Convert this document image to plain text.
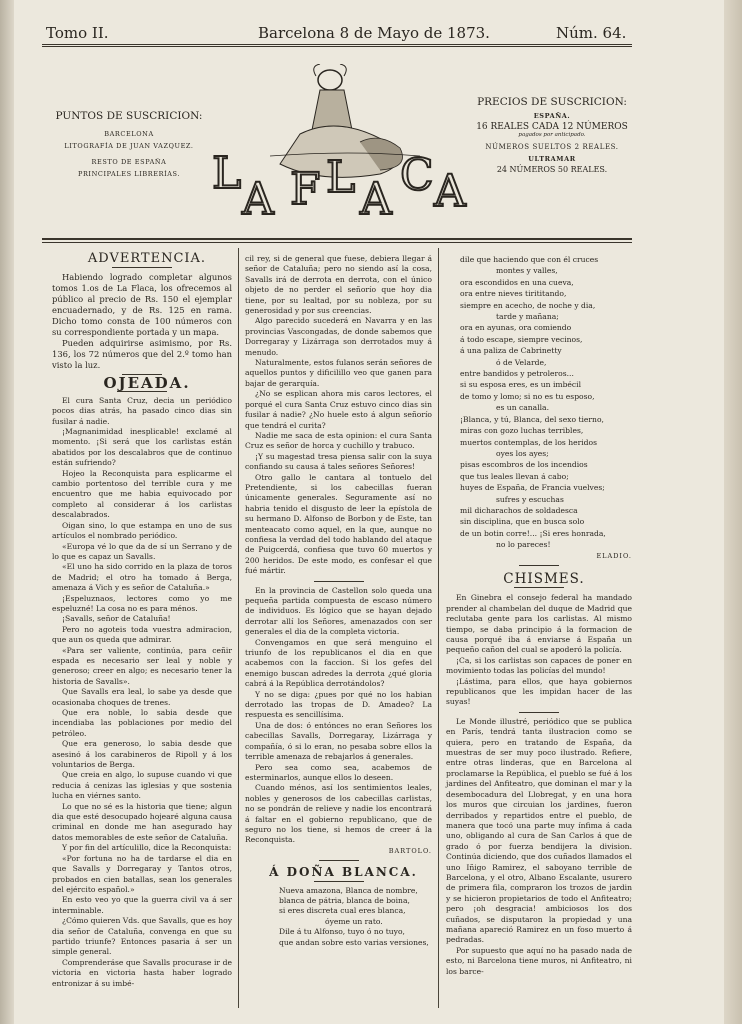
Tomo II.	Barcelona 8 de Mayo de 1873.	Núm. 64.
PUNTOS DE SUSCRICION:
BARCELONA
LITOGRAFÍA DE JUAN VAZQUEZ.
RESTO DE ESPAÑA
PRINCIPALES LIBRERÍAS. L
A F L A C A
PRECIOS DE SUSCRICION:
ESPAÑA.
16 REALES CADA 12 NÚMEROS
pagados por anticipado.
NÚMEROS SUELTOS 2 REALES.
ULTRAMAR
24 NÚMEROS 50 REALES.

ADVERTENCIA.

Habiendo logrado completar algunos tomos 1.os de La Flaca, los ofrecemos al público al precio de Rs. 150 el ejemplar encuadernado, y de Rs. 125 en rama. Dicho tomo consta de 100 números con su correspondiente portada y un mapa.

Pueden adquirirse asimismo, por Rs. 136, los 72 números que del 2.º tomo han visto la luz.

OJEADA.

El cura Santa Cruz, decia un periódico pocos dias atrás, ha pasado cinco dias sin fusilar á nadie.

¡Magnanimidad inesplicable! exclamé al momento. ¡Si será que los carlistas están abatidos por los descalabros que de continuo están sufriendo?

Hojeo la Reconquista para esplicarme el cambio portentoso del terrible cura y me encuentro que me habia equivocado por completo al considerar á los carlistas descalabrados.

Oigan sino, lo que estampa en uno de sus artículos el nombrado periódico.

«Europa vé lo que da de sí un Serrano y de lo que es capaz un Savalls.

«El uno ha sido corrido en la plaza de toros de Madrid; el otro ha tomado á Berga, amenaza á Vich y es señor de Cataluña.»

¡Espeluznaos, lectores como yo me espeluzné! La cosa no es para ménos.

¡Savalls, señor de Cataluña!

Pero no agoteis toda vuestra admiracion, que aun os queda que admirar.

«Para ser valiente, continúa, para ceñir espada es necesario ser leal y noble y generoso; creer en algo; es necesario tener la historia de Savalls».

Que Savalls era leal, lo sabe ya desde que ocasionaba choques de trenes.

Que era noble, lo sabia desde que incendiaba las poblaciones por medio del petróleo.

Que era generoso, lo sabia desde que asesinó á los carabineros de Ripoll y á los voluntarios de Berga.

Que creia en algo, lo supuse cuando vi que reducia á cenizas las iglesias y que sostenia lucha en viérnes santo.

Lo que no sé es la historia que tiene; algun dia que esté desocupado hojearé alguna causa criminal en donde me han asegurado hay datos memorables de este señor de Cataluña.

Y por fin del artículillo, dice la Reconquista:

«Por fortuna no ha de tardarse el dia en que Savalls y Dorregaray y Tantos otros, probados en cien batallas, sean los generales del ejército español.»

En esto veo yo que la guerra civil va á ser interminable.

¿Cómo quieren Vds. que Savalls, que es hoy dia señor de Cataluña, convenga en que su partido triunfe? Entonces pasaria á ser un simple general.

Comprenderáse que Savalls procurase ir de victoria en victoria hasta haber logrado entronizar á su imbé-

cil rey, si de general que fuese, debiera llegar á señor de Cataluña; pero no siendo así la cosa, Savalls irá de derrota en derrota, con el único objeto de no perder el señorío que hoy dia tiene, por su lealtad, por su nobleza, por su generosidad y por sus creencias.

Algo parecido sucederá en Navarra y en las provincias Vascongadas, de donde sabemos que Dorregaray y Lizárraga son derrotados muy á menudo.

Naturalmente, estos fulanos serán señores de aquellos puntos y dificilillo veo que ganen para bajar de gerarquía.

¿No se esplican ahora mis caros lectores, el porqué el cura Santa Cruz estuvo cinco dias sin fusilar á nadie? ¿No huele esto á algun señorío que tendrá el curita?

Nadie me saca de esta opinion: el cura Santa Cruz es señor de horca y cuchillo y trabuco.

¡Y su magestad tresa piensa salir con la suya confiando su causa á tales señores Señores!

Otro gallo le cantara al tontuelo del Pretendiente, si los cabecillas fueran únicamente generales. Seguramente así no habria tenido el disgusto de leer la epístola de su hermano D. Alfonso de Borbon y de Este, tan menteacato como aquel, en la que, aunque no confiesa la verdad del todo hablando del ataque de Puigcerdá, confiesa que tuvo 60 muertos y 200 heridos. De este modo, es confesar el que fué mártir.

En la provincia de Castellon solo queda una pequeña partida compuesta de escaso número de individuos. Es lógico que se hayan dejado derrotar allí los Señores, amenazados con ser generales el dia de la completa victoria.

Convengamos en que será menguino el triunfo de los republicanos el dia en que acabemos con la faccion. Si los gefes del enemigo buscan adredes la derrota ¿qué gloria cabrá á la República derrotándolos?

Y no se diga: ¿pues por qué no los habian derrotado las tropas de D. Amadeo? La respuesta es sencillísima.

Una de dos: ó entónces no eran Señores los cabecillas Savalls, Dorregaray, Lizárraga y compañía, ó si lo eran, no pesaba sobre ellos la terrible amenaza de rebajarlos á generales.

Pero sea como sea, acabemos de esterminarlos, aunque ellos lo deseen.

Cuando ménos, así los sentimientos leales, nobles y generosos de los cabecillas carlistas, no se pondrán de relieve y nadie los encontrará á faltar en el gobierno republicano, que de seguro no los tiene, si hemos de creer á la Reconquista.

BARTOLO.

Á DOÑA BLANCA.

Nueva amazona, Blanca de nombre,

blanca de pátria, blanca de boina,

si eres discreta cual eres blanca,

óyeme un rato.

Dile á tu Alfonso, tuyo ó no tuyo,

que andan sobre esto varias versiones,

dile que haciendo que con él cruces

montes y valles,

ora escondidos en una cueva,

ora entre nieves tirititando,

siempre en acecho, de noche y dia,

tarde y mañana;

ora en ayunas, ora comiendo

á todo escape, siempre vecinos,

á una paliza de Cabrinetty

ó de Velarde,

entre bandidos y petroleros...

si su esposa eres, es un imbécil

de tomo y lomo; si no es tu esposo,

es un canalla.

¡Blanca, y tú, Blanca, del sexo tierno,

miras con gozo luchas terribles,

muertos contemplas, de los heridos

oyes los ayes;

pisas escombros de los incendios

que tus leales llevan á cabo;

huyes de España, de Francia vuelves;

sufres y escuchas

mil dicharachos de soldadesca

sin disciplina, que en busca solo

de un botin corre!... ¡Si eres honrada,

no lo pareces!

ELADIO.

CHISMES.

En Ginebra el consejo federal ha mandado prender al chambelan del duque de Madrid que reclutaba gente para los carlistas. Al mismo tiempo, se daba principio á la formacion de causa porqué iba á enviarse á España un pequeño cañon del cual se apoderó la policía.

¡Ca, si los carlistas son capaces de poner en movimiento todas las policías del mundo!

¡Lástima, para ellos, que haya gobiernos republicanos que les impidan hacer de las suyas!

Le Monde illustré, periódico que se publica en París, tendrá tanta ilustracion como se quiera, pero en tratando de España, da muestras de ser muy poco ilustrado. Refiere, entre otras linderas, que en Barcelona al proclamarse la República, el pueblo se fué á los jardines del Anfiteatro, que dominan el mar y la desembocadura del Llobregat, y en una hora los muros que circuian los jardines, fueron derribados y repartidos entre el pueblo, de manera que tocó una parte muy ínfima á cada uno, obligando al cura de San Carlos á que de grado ó por fuerza bendijera la division. Continúa diciendo, que dos cuñados llamados el uno Iñigo Ramirez, el saboyano terrible de Barcelona, y el otro, Albano Escalante, usurero de primera fila, compraron los trozos de jardin y se hicieron propietarios de todo el Anfiteatro; pero ¡oh desgracia! ambiciosos los dos cuñados, se disputaron la propiedad y una mañana apareció Ramirez en un foso muerto á pedradas.

Por supuesto que aquí no ha pasado nada de esto, ni Barcelona tiene muros, ni Anfiteatro, ni los barce-
